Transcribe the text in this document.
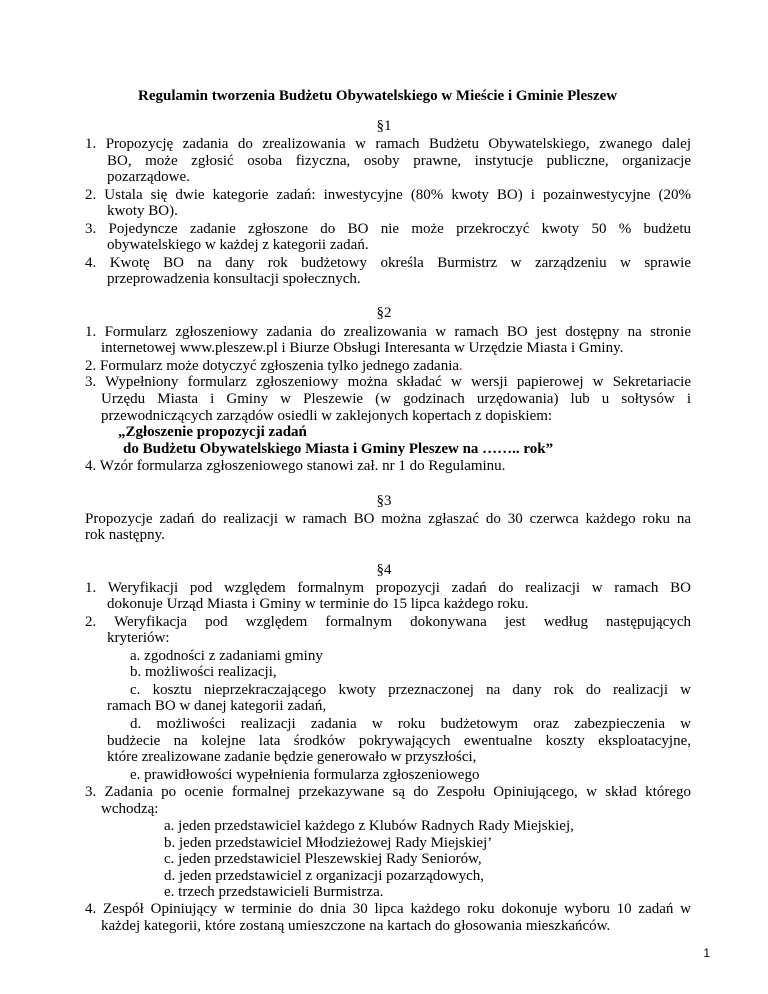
Regulamin tworzenia Budżetu Obywatelskiego w Mieście i Gminie Pleszew
§1
1. Propozycję zadania do zrealizowania w ramach Budżetu Obywatelskiego, zwanego dalej
BO, może zgłosić osoba fizyczna, osoby prawne, instytucje publiczne, organizacje
pozarządowe.
2. Ustala się dwie kategorie zadań: inwestycyjne (80% kwoty BO) i pozainwestycyjne (20%
kwoty BO).
3. Pojedyncze zadanie zgłoszone do BO nie może przekroczyć kwoty 50 % budżetu
obywatelskiego w każdej z kategorii zadań.
4. Kwotę BO na dany rok budżetowy określa Burmistrz w zarządzeniu w sprawie
przeprowadzenia konsultacji społecznych.
§2
1. Formularz zgłoszeniowy zadania do zrealizowania w ramach BO jest dostępny na stronie
internetowej www.pleszew.pl i Biurze Obsługi Interesanta w Urzędzie Miasta i Gminy.
2. Formularz może dotyczyć zgłoszenia tylko jednego zadania.
3. Wypełniony formularz zgłoszeniowy można składać w wersji papierowej w Sekretariacie
Urzędu Miasta i Gminy w Pleszewie (w godzinach urzędowania) lub u sołtysów i
przewodniczących zarządów osiedli w zaklejonych kopertach z dopiskiem:
„Zgłoszenie propozycji zadań
do Budżetu Obywatelskiego Miasta i Gminy Pleszew na …….. rok”
4. Wzór formularza zgłoszeniowego stanowi zał. nr 1 do Regulaminu.
§3
Propozycje zadań do realizacji w ramach BO można zgłaszać do 30 czerwca każdego roku na
rok następny.
§4
1. Weryfikacji pod względem formalnym propozycji zadań do realizacji w ramach BO
dokonuje Urząd Miasta i Gminy w terminie do 15 lipca każdego roku.
2. Weryfikacja pod względem formalnym dokonywana jest według następujących
kryteriów:
a. zgodności z zadaniami gminy
b. możliwości realizacji,
c. kosztu nieprzekraczającego kwoty przeznaczonej na dany rok do realizacji w
ramach BO w danej kategorii zadań,
d. możliwości realizacji zadania w roku budżetowym oraz zabezpieczenia w
budżecie na kolejne lata środków pokrywających ewentualne koszty eksploatacyjne,
które zrealizowane zadanie będzie generowało w przyszłości,
e. prawidłowości wypełnienia formularza zgłoszeniowego
3. Zadania po ocenie formalnej przekazywane są do Zespołu Opiniującego, w skład którego
wchodzą:
a. jeden przedstawiciel każdego z Klubów Radnych Rady Miejskiej,
b. jeden przedstawiciel Młodzieżowej Rady Miejskiej’
c. jeden przedstawiciel Pleszewskiej Rady Seniorów,
d. jeden przedstawiciel z organizacji pozarządowych,
e. trzech przedstawicieli Burmistrza.
4. Zespół Opiniujący w terminie do dnia 30 lipca każdego roku dokonuje wyboru 10 zadań w
1
każdej kategorii, które zostaną umieszczone na kartach do głosowania mieszkańców.
